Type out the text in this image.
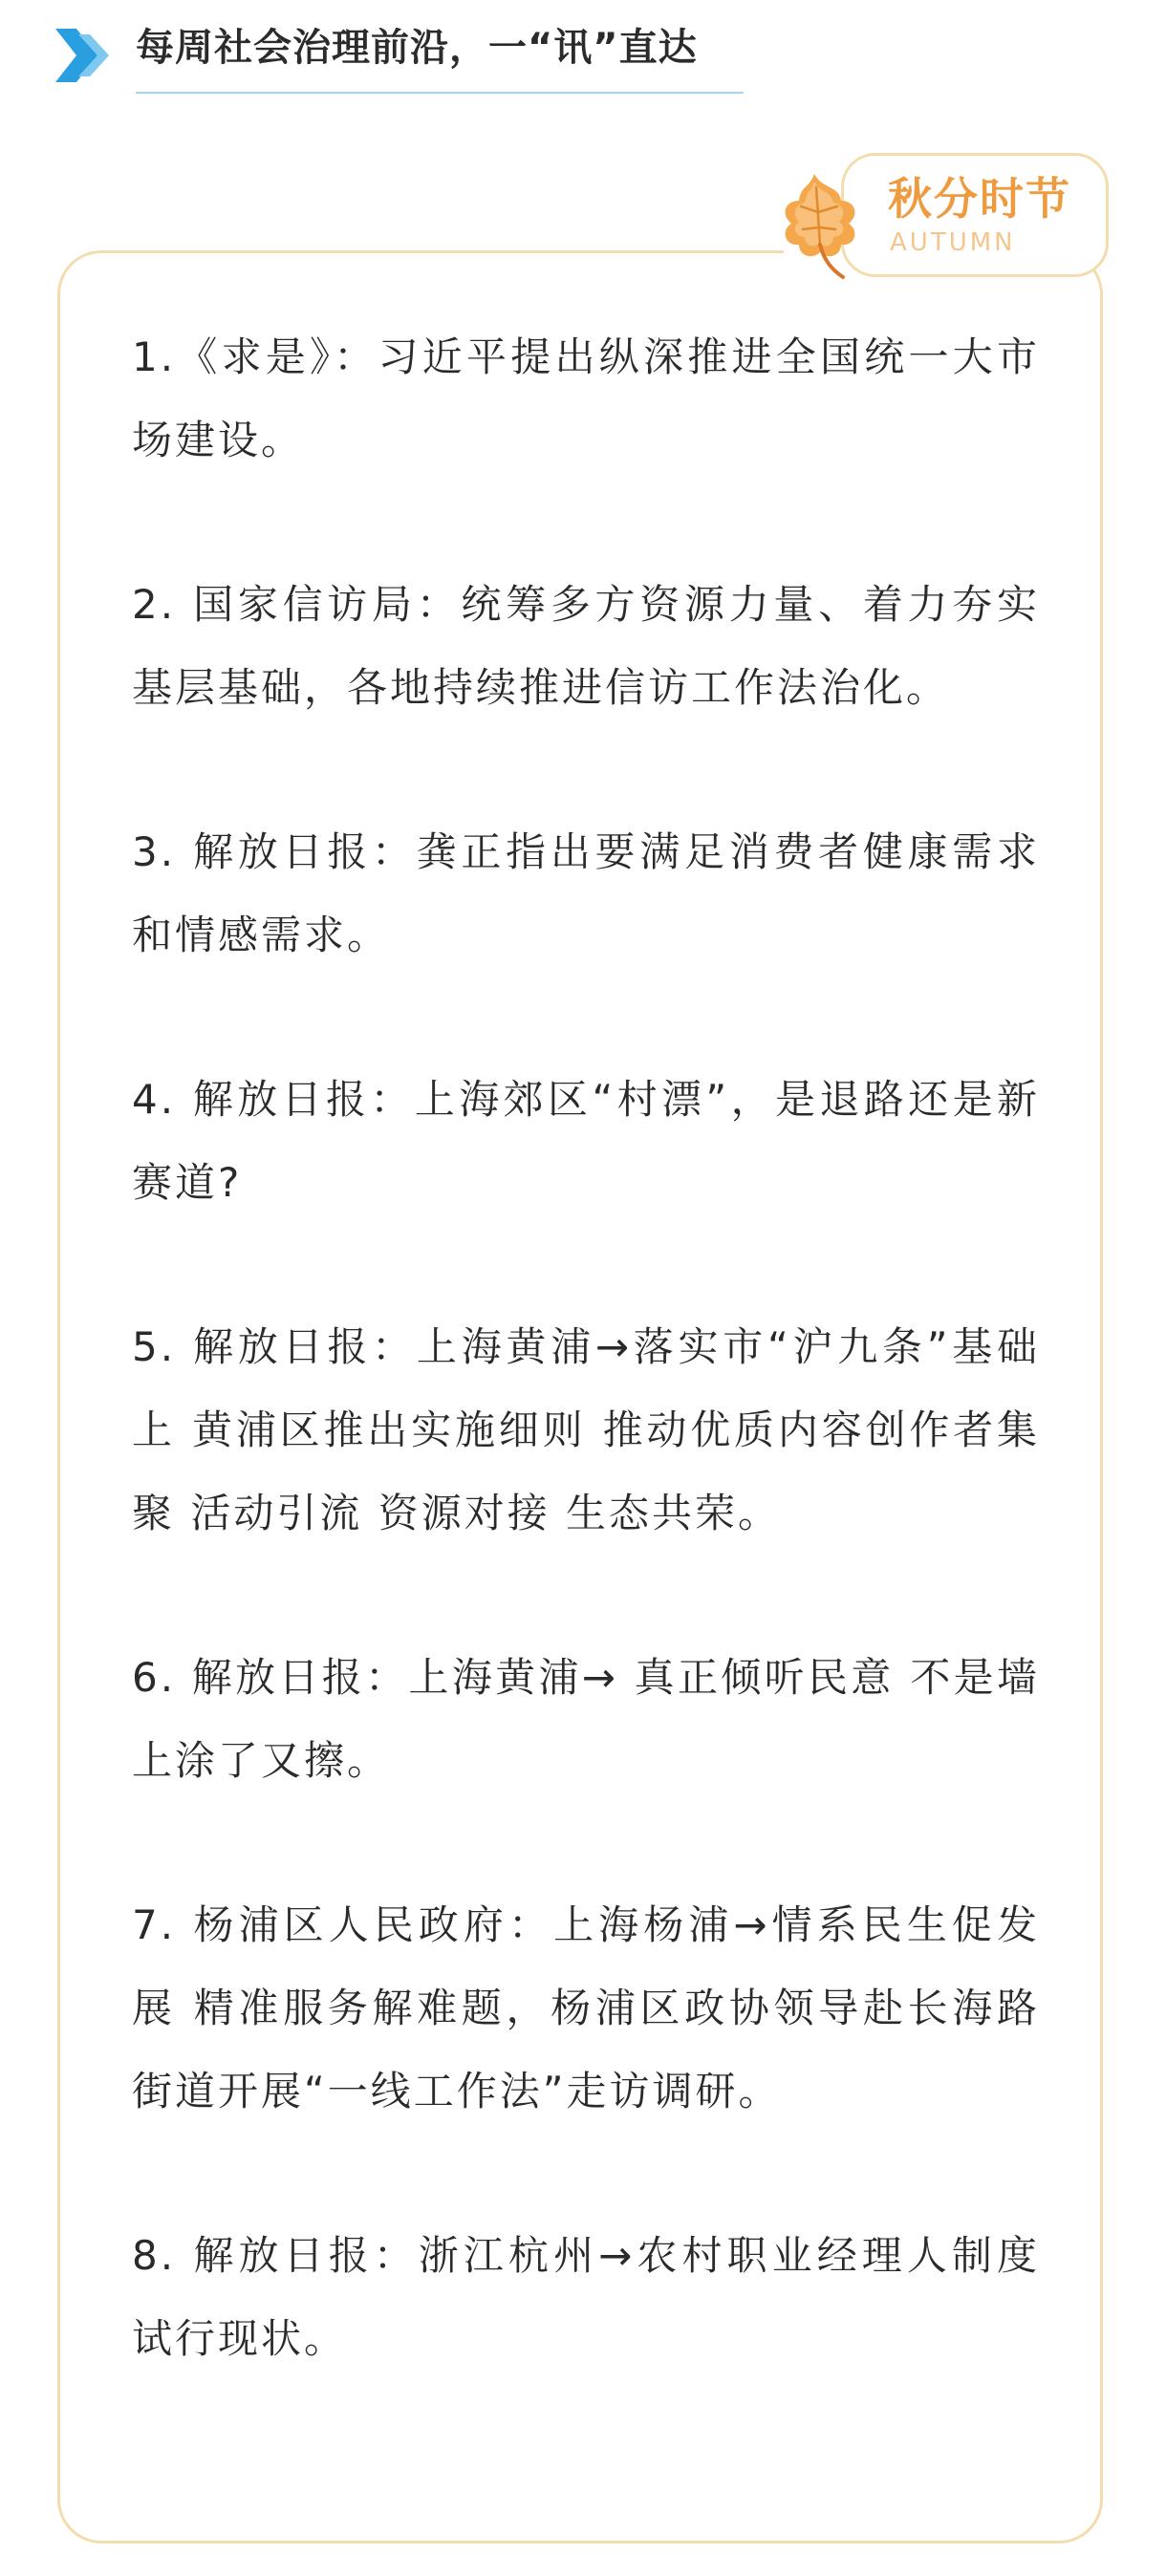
每周社会治理前沿，一“讯”直达
秋分时节
AUTUMN
1.《求是》：习近平提出纵深推进全国统一大市场建设。
2. 国家信访局：统筹多方资源力量、着力夯实基层基础，各地持续推进信访工作法治化。
3. 解放日报：龚正指出要满足消费者健康需求和情感需求。
4. 解放日报：上海郊区“村漂”，是退路还是新赛道?
5. 解放日报：上海黄浦→落实市“沪九条”基础上 黄浦区推出实施细则 推动优质内容创作者集聚 活动引流 资源对接 生态共荣。
6. 解放日报：上海黄浦→ 真正倾听民意 不是墙上涂了又擦。
7. 杨浦区人民政府：上海杨浦→情系民生促发展 精准服务解难题，杨浦区政协领导赴长海路街道开展“一线工作法”走访调研。
8. 解放日报：浙江杭州→农村职业经理人制度试行现状。
